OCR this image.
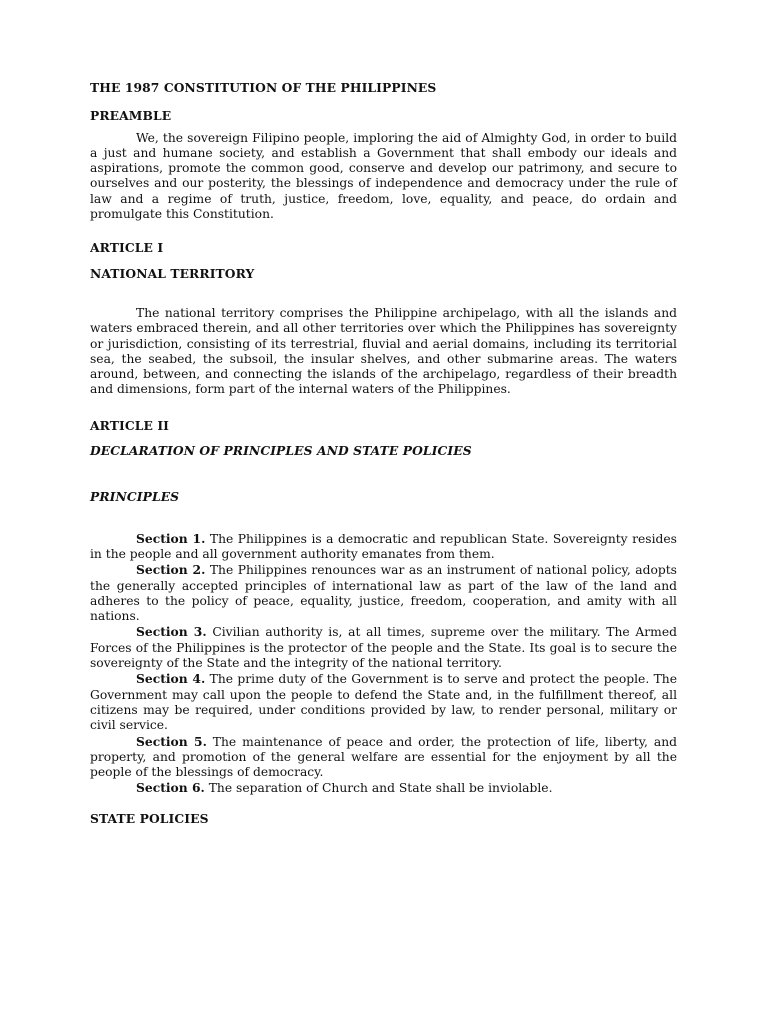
THE 1987 CONSTITUTION OF THE PHILIPPINES
PREAMBLE

We, the sovereign Filipino people, imploring the aid of Almighty God, in order to build a just and humane society, and establish a Government that shall embody our ideals and aspirations, promote the common good, conserve and develop our patrimony, and secure to ourselves and our posterity, the blessings of independence and democracy under the rule of law and a regime of truth, justice, freedom, love, equality, and peace, do ordain and promulgate this Constitution.

ARTICLE I
NATIONAL TERRITORY

The national territory comprises the Philippine archipelago, with all the islands and waters embraced therein, and all other territories over which the Philippines has sovereignty or jurisdiction, consisting of its terrestrial, fluvial and aerial domains, including its territorial sea, the seabed, the subsoil, the insular shelves, and other submarine areas. The waters around, between, and connecting the islands of the archipelago, regardless of their breadth and dimensions, form part of the internal waters of the Philippines.

ARTICLE II
DECLARATION OF PRINCIPLES AND STATE POLICIES
PRINCIPLES

Section 1. The Philippines is a democratic and republican State. Sovereignty resides in the people and all government authority emanates from them.

Section 2. The Philippines renounces war as an instrument of national policy, adopts the generally accepted principles of international law as part of the law of the land and adheres to the policy of peace, equality, justice, freedom, cooperation, and amity with all nations.

Section 3. Civilian authority is, at all times, supreme over the military. The Armed Forces of the Philippines is the protector of the people and the State. Its goal is to secure the sovereignty of the State and the integrity of the national territory.

Section 4. The prime duty of the Government is to serve and protect the people. The Government may call upon the people to defend the State and, in the fulfillment thereof, all citizens may be required, under conditions provided by law, to render personal, military or civil service.

Section 5. The maintenance of peace and order, the protection of life, liberty, and property, and promotion of the general welfare are essential for the enjoyment by all the people of the blessings of democracy.

Section 6. The separation of Church and State shall be inviolable.

STATE POLICIES
